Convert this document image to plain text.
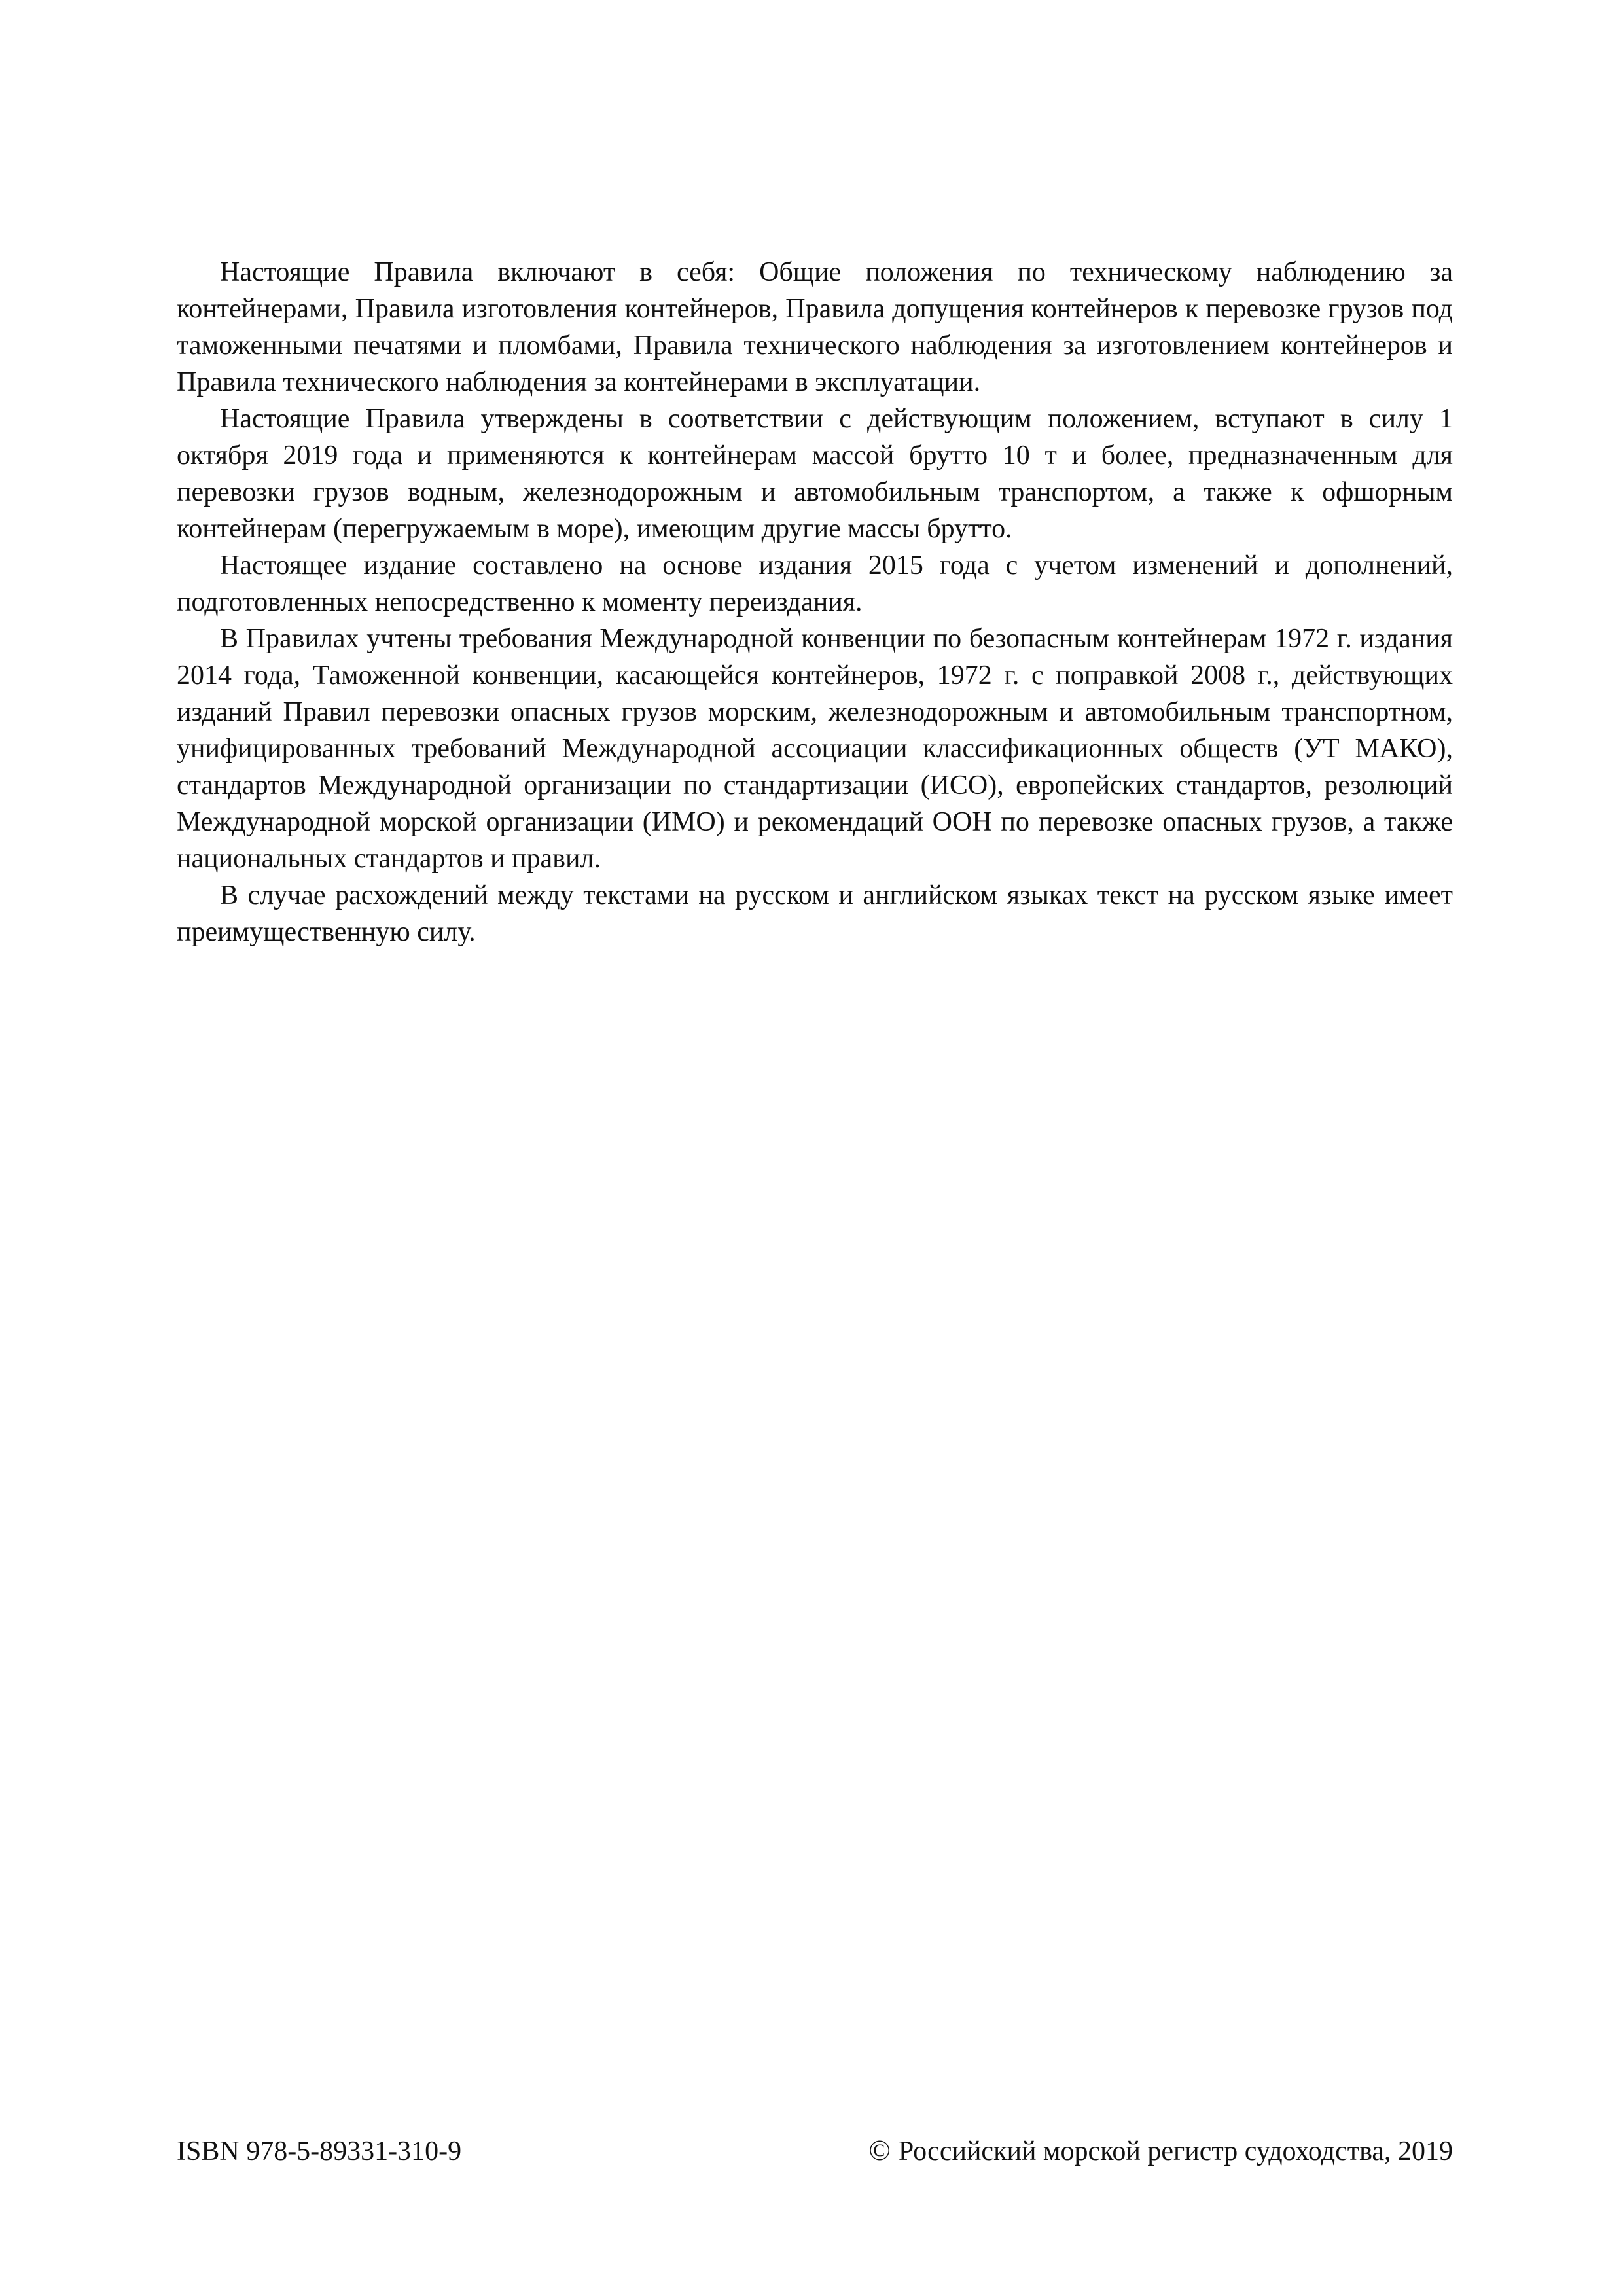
Настоящие Правила включают в себя: Общие положения по техническому наблюдению за контейнерами, Правила изготовления контейнеров, Правила допущения контейнеров к перевозке грузов под таможенными печатями и пломбами, Правила технического наблюдения за изготовлением контейнеров и Правила технического наблюдения за контейнерами в эксплуатации.

Настоящие Правила утверждены в соответствии с действующим положением, вступают в силу 1 октября 2019 года и применяются к контейнерам массой брутто 10 т и более, предназначенным для перевозки грузов водным, железнодорожным и автомобильным транспортом, а также к офшорным контейнерам (перегружаемым в море), имеющим другие массы брутто.

Настоящее издание составлено на основе издания 2015 года с учетом изменений и дополнений, подготовленных непосредственно к моменту переиздания.

В Правилах учтены требования Международной конвенции по безопасным контейнерам 1972 г. издания 2014 года, Таможенной конвенции, касающейся контейнеров, 1972 г. с поправкой 2008 г., действующих изданий Правил перевозки опасных грузов морским, железнодорожным и автомобильным транспортном, унифицированных требований Международной ассоциации классификационных обществ (УТ МАКО), стандартов Международной организации по стандартизации (ИСО), европейских стандартов, резолюций Международной морской организации (ИМО) и рекомендаций ООН по перевозке опасных грузов, а также национальных стандартов и правил.

В случае расхождений между текстами на русском и английском языках текст на русском языке имеет преимущественную силу.

ISBN 978-5-89331-310-9	© Российский морской регистр судоходства, 2019
